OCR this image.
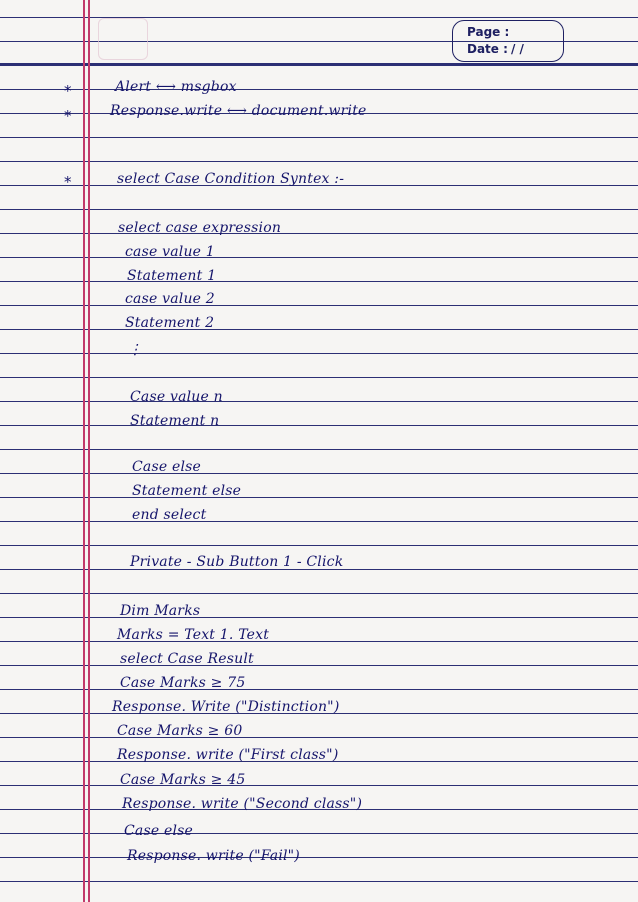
Page :
Date : / /
*
*
*
Alert ⟷ msgbox
Response.write ⟷ document.write
select Case Condition Syntex :-
select case expression
case value 1
Statement 1
case value 2
Statement 2
⋮
Case value n
Statement n
Case else
Statement else
end select
Private - Sub Button 1 - Click
Dim Marks
Marks = Text 1. Text
select Case Result
Case Marks ≥ 75
Response. Write ("Distinction")
Case Marks ≥ 60
Response. write ("First class")
Case Marks ≥ 45
Response. write ("Second class")
Case else
Response. write ("Fail")
